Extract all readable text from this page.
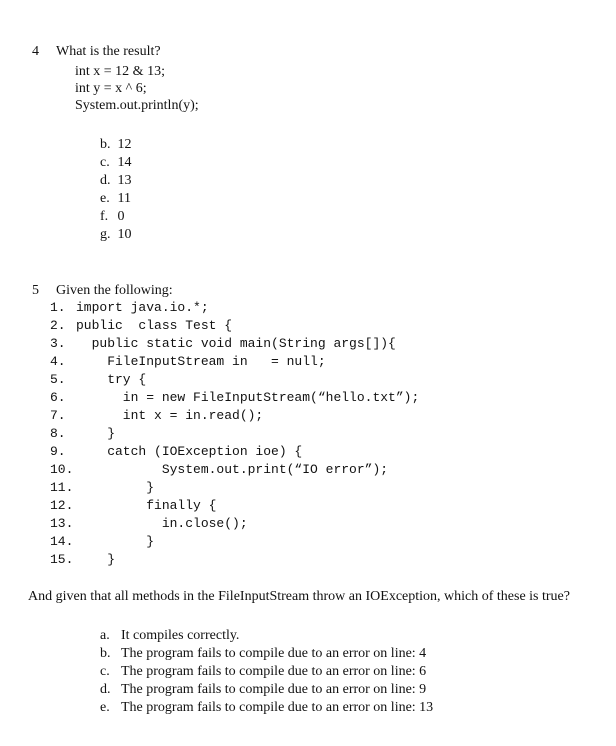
4 What is the result?

int x = 12 & 13;
int y = x ^ 6;
System.out.println(y);
b. 12
c. 14
d. 13
e. 11
f. 0
g. 10

5 Given the following:

1. import java.io.*;
2. public  class Test {
3.  public static void main(String args[]){
4.    FileInputStream in   = null;
5.    try {
6.      in = new FileInputStream(“hello.txt”);
7.      int x = in.read();
8.    }
9.    catch (IOException ioe) {
10.           System.out.print(“IO error”);
11.         }
12.         finally {
13.           in.close();
14.         }
15.    }
And given that all methods in the FileInputStream throw an IOException, which of these is true?
a. It compiles correctly.
b. The program fails to compile due to an error on line: 4
c. The program fails to compile due to an error on line: 6
d. The program fails to compile due to an error on line: 9
e. The program fails to compile due to an error on line: 13
